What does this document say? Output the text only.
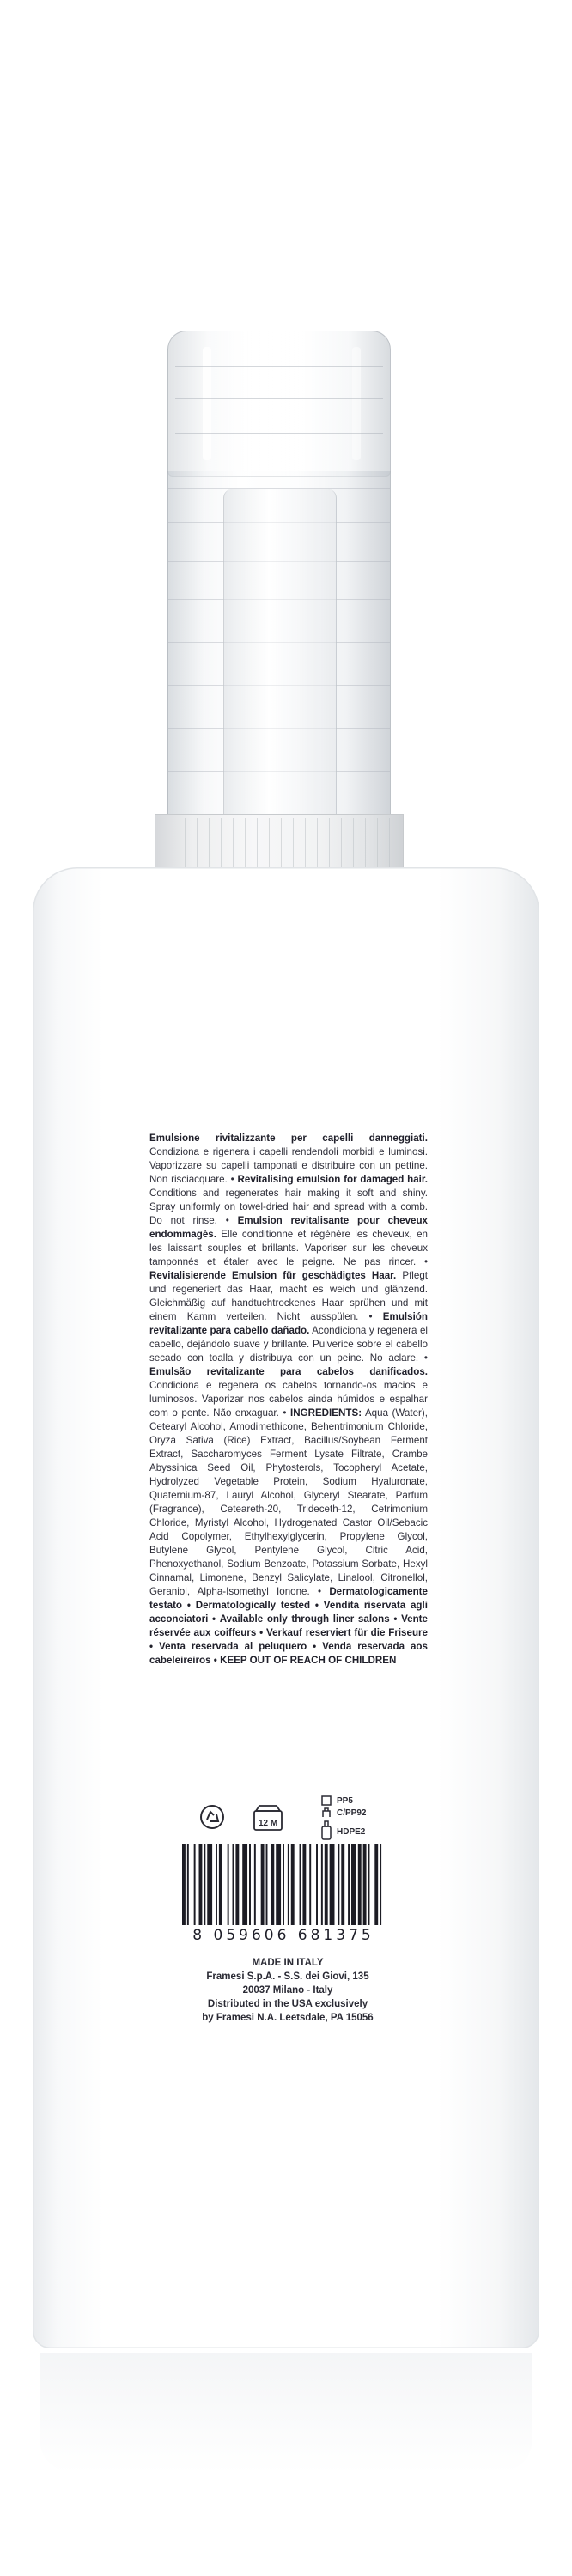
Emulsione rivitalizzante per capelli danneggiati. Condiziona e rigenera i capelli rendendoli morbidi e luminosi. Vaporizzare su capelli tamponati e distribuire con un pettine. Non risciacquare. • Revitalising emulsion for damaged hair. Conditions and regenerates hair making it soft and shiny. Spray uniformly on towel-dried hair and spread with a comb. Do not rinse. • Emulsion revitalisante pour cheveux endommagés. Elle conditionne et régénère les cheveux, en les laissant souples et brillants. Vaporiser sur les cheveux tamponnés et étaler avec le peigne. Ne pas rincer. • Revitalisierende Emulsion für geschädigtes Haar. Pflegt und regeneriert das Haar, macht es weich und glänzend. Gleichmäßig auf handtuchtrockenes Haar sprühen und mit einem Kamm verteilen. Nicht ausspülen. • Emulsión revitalizante para cabello dañado. Acondiciona y regenera el cabello, dejándolo suave y brillante. Pulverice sobre el cabello secado con toalla y distribuya con un peine. No aclare. • Emulsão revitalizante para cabelos danificados. Condiciona e regenera os cabelos tornando-os macios e luminosos. Vaporizar nos cabelos ainda húmidos e espalhar com o pente. Não enxaguar. • INGREDIENTS: Aqua (Water), Cetearyl Alcohol, Amodimethicone, Behentrimonium Chloride, Oryza Sativa (Rice) Extract, Bacillus/Soybean Ferment Extract, Saccharomyces Ferment Lysate Filtrate, Crambe Abyssinica Seed Oil, Phytosterols, Tocopheryl Acetate, Hydrolyzed Vegetable Protein, Sodium Hyaluronate, Quaternium-87, Lauryl Alcohol, Glyceryl Stearate, Parfum (Fragrance), Ceteareth-20, Trideceth-12, Cetrimonium Chloride, Myristyl Alcohol, Hydrogenated Castor Oil/Sebacic Acid Copolymer, Ethylhexylglycerin, Propylene Glycol, Butylene Glycol, Pentylene Glycol, Citric Acid, Phenoxyethanol, Sodium Benzoate, Potassium Sorbate, Hexyl Cinnamal, Limonene, Benzyl Salicylate, Linalool, Citronellol, Geraniol, Alpha-Isomethyl Ionone. • Dermatologicamente testato • Dermatologically tested • Vendita riservata agli acconciatori • Available only through liner salons • Vente réservée aux coiffeurs • Verkauf reserviert für die Friseure • Venta reservada al peluquero • Venda reservada aos cabeleireiros • KEEP OUT OF REACH OF CHILDREN
12 M
PP5
C/PP92
HDPE2
8 059606 681375
MADE IN ITALY
Framesi S.p.A. - S.S. dei Giovi, 135
20037 Milano - Italy
Distributed in the USA exclusively
by Framesi N.A. Leetsdale, PA 15056
